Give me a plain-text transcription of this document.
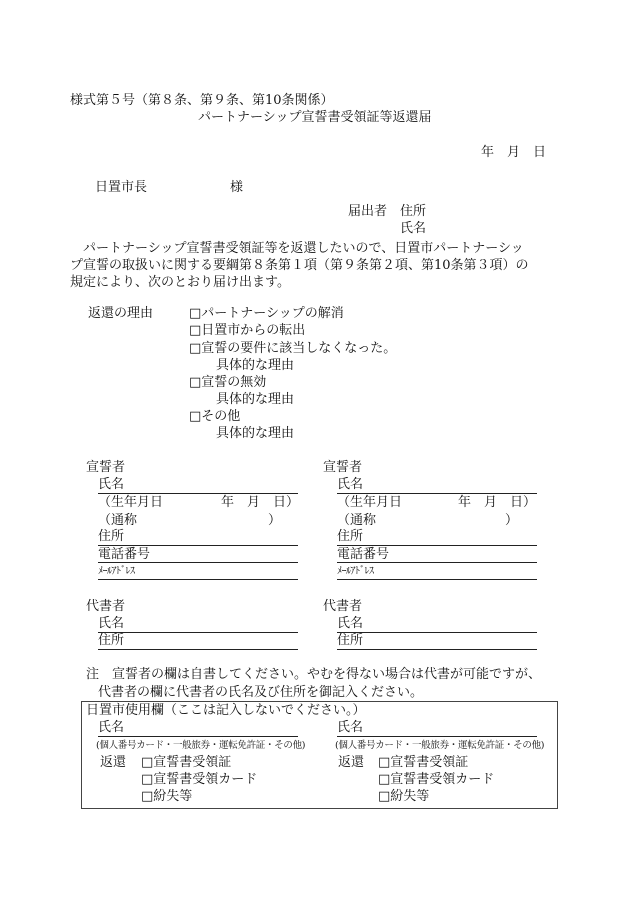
様式第５号（第８条、第９条、第10条関係）
パートナーシップ宣誓書受領証等返還届
年　月　日
日置市長	様
届出者 住所
氏名
　パートナーシップ宣誓書受領証等を返還したいので、日置市パートナーシッ
プ宣誓の取扱いに関する要綱第８条第１項（第９条第２項、第10条第３項）の
規定により、次のとおり届け出ます。
返還の理由	□パートナーシップの解消
□日置市からの転出
□宣誓の要件に該当しなくなった。
具体的な理由
□宣誓の無効
具体的な理由
□その他
具体的な理由
宣誓者
氏名
（生年月日	年　月　日）
（通称	）
住所
電話番号
ﾒｰﾙｱﾄﾞﾚｽ
宣誓者
氏名
（生年月日	年　月　日）
（通称	）
住所
電話番号
ﾒｰﾙｱﾄﾞﾚｽ
代書者
氏名
住所
代書者
氏名
住所
注　宣誓者の欄は自書してください。やむを得ない場合は代書が可能ですが、
代書者の欄に代書者の氏名及び住所を御記入ください。
日置市使用欄（ここは記入しないでください。）
氏名
(個人番号カード・一般旅券・運転免許証・その他)
返還 □宣誓書受領証
□宣誓書受領カード
□紛失等
氏名
(個人番号カード・一般旅券・運転免許証・その他)
返還 □宣誓書受領証
□宣誓書受領カード
□紛失等
